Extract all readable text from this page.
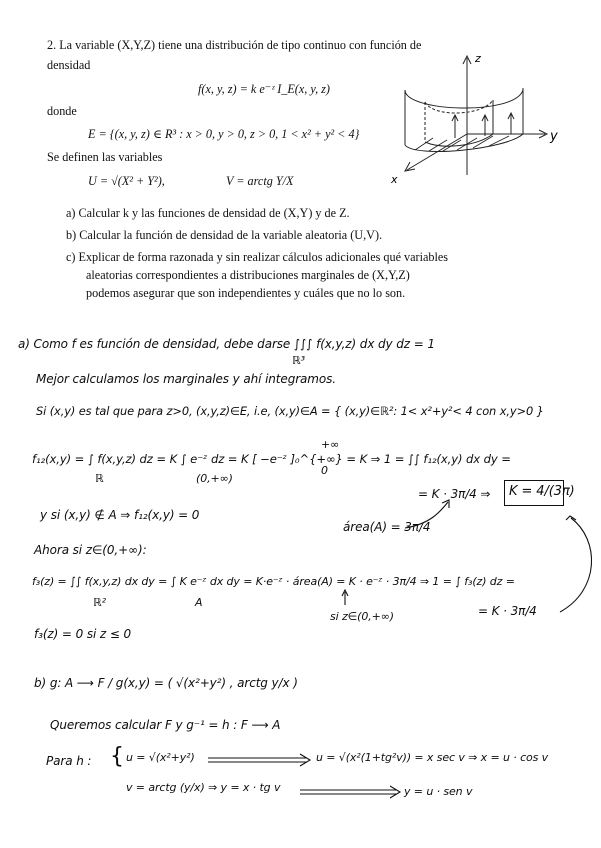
2. La variable (X,Y,Z) tiene una distribución de tipo continuo con función de
densidad
f(x, y, z) = k e⁻ᶻ I_E(x, y, z)
donde
E = {(x, y, z) ∈ R³ : x > 0, y > 0, z > 0, 1 < x² + y² < 4}
Se definen las variables
U = √(X² + Y²),	V = arctg Y/X
a) Calcular k y las funciones de densidad de (X,Y) y de Z.
b) Calcular la función de densidad de la variable aleatoria (U,V).
c) Explicar de forma razonada y sin realizar cálculos adicionales qué variables
aleatorias correspondientes a distribuciones marginales de (X,Y,Z)
podemos asegurar que son independientes y cuáles que no lo son.
z
y
x
a) Como f es función de densidad, debe darse ∫∫∫ f(x,y,z) dx dy dz = 1
ℝ³
Mejor calculamos los marginales y ahí integramos.
Si (x,y) es tal que para z>0, (x,y,z)∈E, i.e, (x,y)∈A = { (x,y)∈ℝ²: 1< x²+y²< 4 con x,y>0 }
+∞
f₁₂(x,y) = ∫ f(x,y,z) dz = K ∫ e⁻ᶻ dz = K [ −e⁻ᶻ ]₀^{+∞} = K ⇒ 1 = ∫∫ f₁₂(x,y) dx dy =
0
ℝ	(0,+∞)
= K · 3π/4 ⇒ K = 4/(3π)
y si (x,y) ∉ A ⇒ f₁₂(x,y) = 0
área(A) = 3π/4
Ahora si z∈(0,+∞):
f₃(z) = ∫∫ f(x,y,z) dx dy = ∫ K e⁻ᶻ dx dy = K·e⁻ᶻ · área(A) = K · e⁻ᶻ · 3π/4 ⇒ 1 = ∫ f₃(z) dz =
ℝ²	A
si z∈(0,+∞)	= K · 3π/4
f₃(z) = 0 si z ≤ 0
b) g: A ⟶ F / g(x,y) = ( √(x²+y²) , arctg y/x )
Queremos calcular F y g⁻¹ = h : F ⟶ A
Para h : { u = √(x²+y²)	u = √(x²(1+tg²v)) = x sec v ⇒ x = u · cos v
v = arctg (y/x) ⇒ y = x · tg v	y = u · sen v
